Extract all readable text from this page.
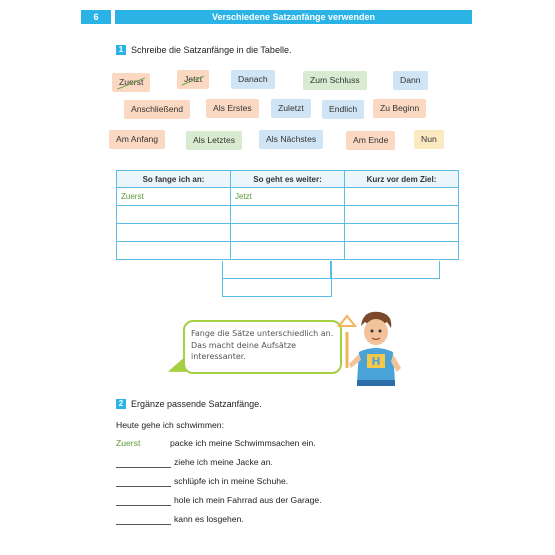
6	Verschiedene Satzanfänge verwenden
1 Schreibe die Satzanfänge in die Tabelle.
Zuerst	Jetzt	Danach	Zum Schluss	Dann
Anschließend	Als Erstes	Zuletzt	Endlich	Zu Beginn
Am Anfang	Als Letztes	Als Nächstes	Am Ende	Nun
So fange ich an:	So geht es weiter:	Kurz vor dem Ziel:
Zuerst	Jetzt	

Fange die Sätze unterschiedlich an. Das macht deine Aufsätze interessanter.	H
2 Ergänze passende Satzanfänge.
Heute gehe ich schwimmen:
Zuerst	packe ich meine Schwimmsachen ein.
ziehe ich meine Jacke an.
schlüpfe ich in meine Schuhe.
hole ich mein Fahrrad aus der Garage.
kann es losgehen.
